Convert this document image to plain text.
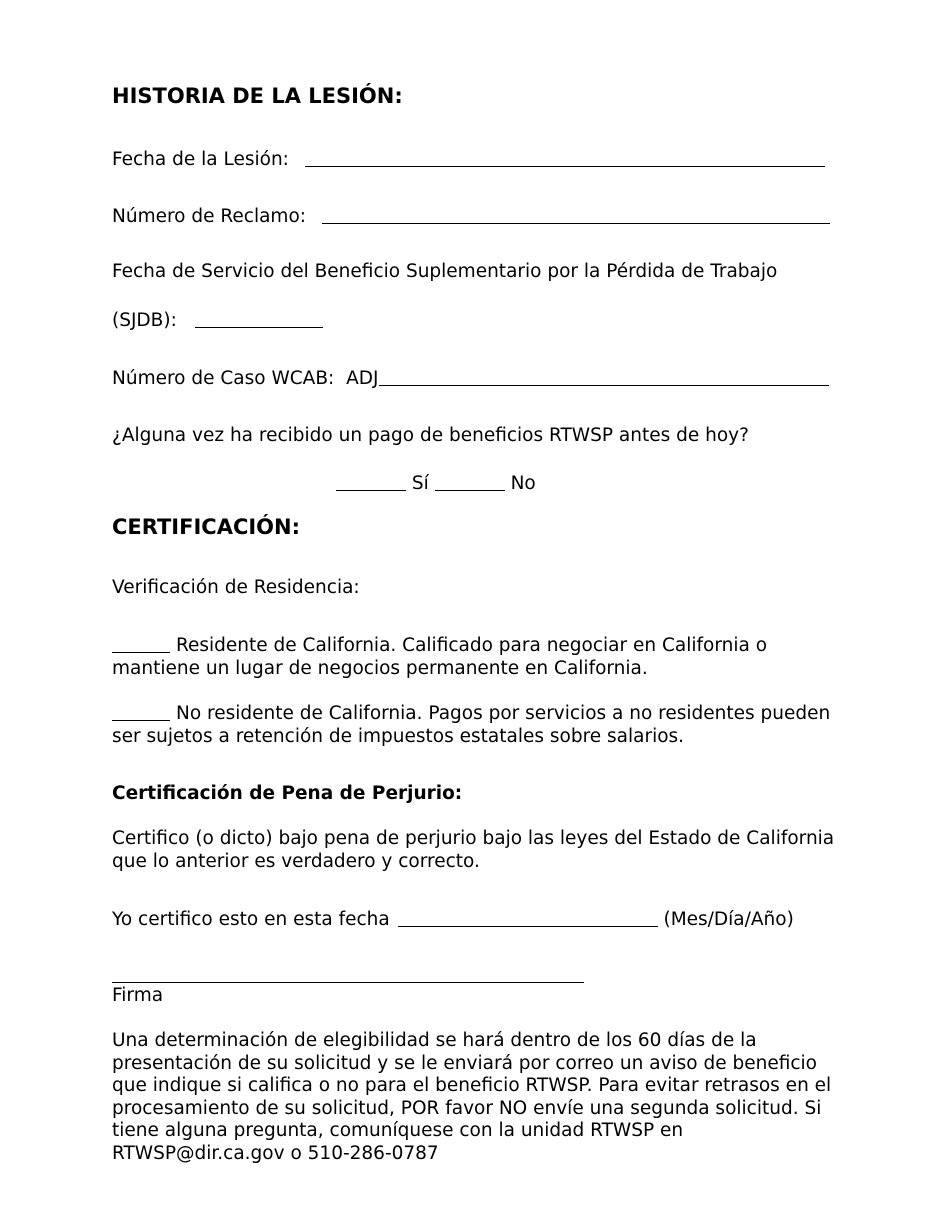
HISTORIA DE LA LESIÓN:
Fecha de la Lesión:
Número de Reclamo:
Fecha de Servicio del Beneficio Suplementario por la Pérdida de Trabajo
(SJDB):
Número de Caso WCAB: ADJ
¿Alguna vez ha recibido un pago de beneficios RTWSP antes de hoy?
Sí	No
CERTIFICACIÓN:
Verificación de Residencia:

Residente de California. Calificado para negociar en California o mantiene un lugar de negocios permanente en California.

No residente de California. Pagos por servicios a no residentes pueden ser sujetos a retención de impuestos estatales sobre salarios.

Certificación de Pena de Perjurio:

Certifico (o dicto) bajo pena de perjurio bajo las leyes del Estado de California que lo anterior es verdadero y correcto.

Yo certifico esto en esta fecha	(Mes/Día/Año)
Firma

Una determinación de elegibilidad se hará dentro de los 60 días de la presentación de su solicitud y se le enviará por correo un aviso de beneficio que indique si califica o no para el beneficio RTWSP. Para evitar retrasos en el procesamiento de su solicitud, POR favor NO envíe una segunda solicitud. Si tiene alguna pregunta, comuníquese con la unidad RTWSP en RTWSP@dir.ca.gov o 510-286-0787
